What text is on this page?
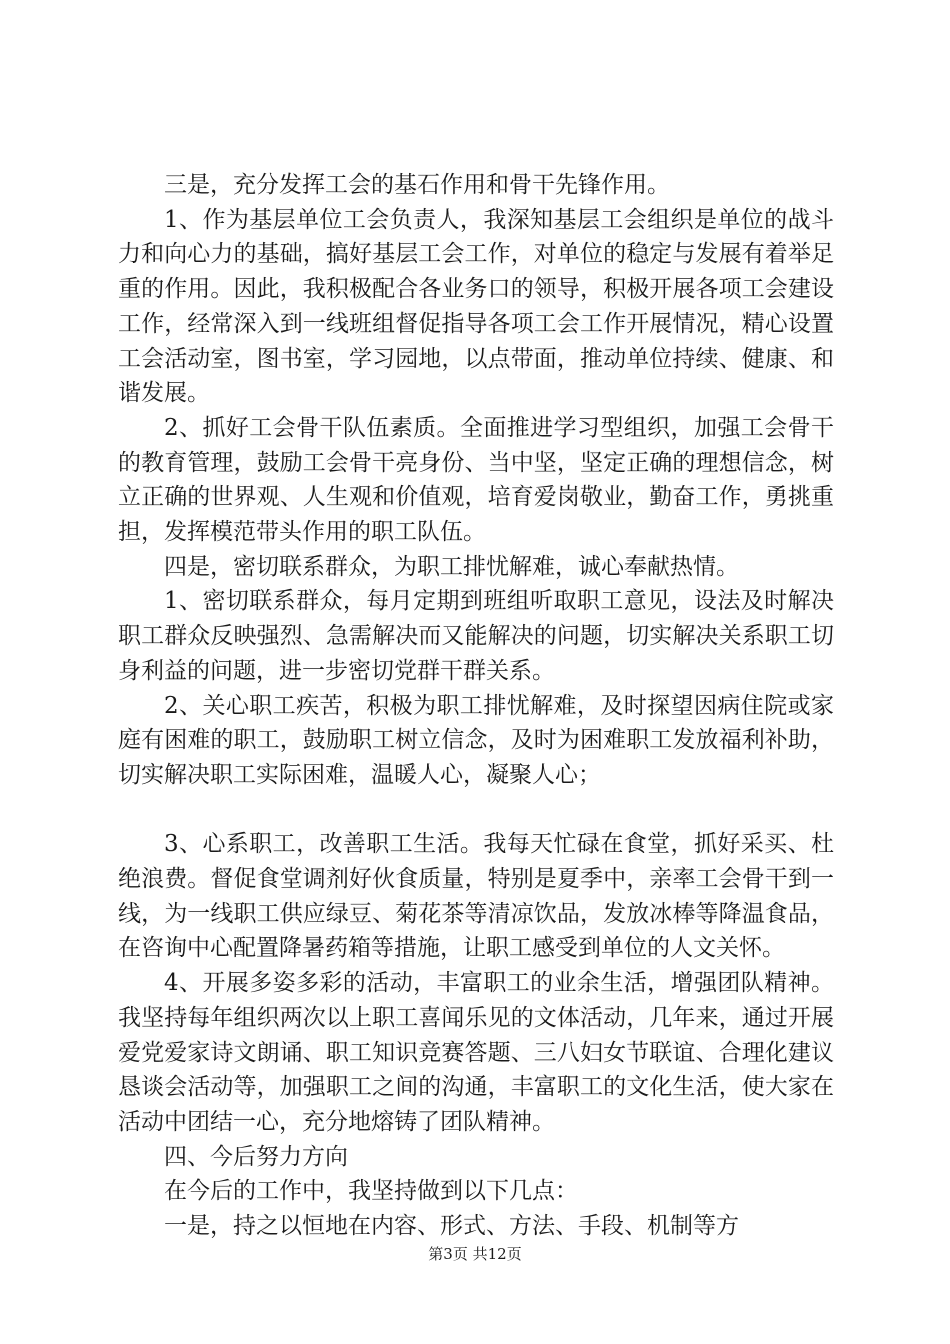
三是，充分发挥工会的基石作用和骨干先锋作用。

1、作为基层单位工会负责人，我深知基层工会组织是单位的战斗力和向心力的基础，搞好基层工会工作，对单位的稳定与发展有着举足重的作用。因此，我积极配合各业务口的领导，积极开展各项工会建设工作，经常深入到一线班组督促指导各项工会工作开展情况，精心设置工会活动室，图书室，学习园地，以点带面，推动单位持续、健康、和谐发展。

2、抓好工会骨干队伍素质。全面推进学习型组织，加强工会骨干的教育管理，鼓励工会骨干亮身份、当中坚，坚定正确的理想信念，树立正确的世界观、人生观和价值观，培育爱岗敬业，勤奋工作，勇挑重担，发挥模范带头作用的职工队伍。

四是，密切联系群众，为职工排忧解难，诚心奉献热情。

1、密切联系群众，每月定期到班组听取职工意见，设法及时解决职工群众反映强烈、急需解决而又能解决的问题，切实解决关系职工切身利益的问题，进一步密切党群干群关系。

2、关心职工疾苦，积极为职工排忧解难，及时探望因病住院或家庭有困难的职工，鼓励职工树立信念，及时为困难职工发放福利补助，切实解决职工实际困难，温暖人心，凝聚人心；

3、心系职工，改善职工生活。我每天忙碌在食堂，抓好采买、杜绝浪费。督促食堂调剂好伙食质量，特别是夏季中，亲率工会骨干到一线，为一线职工供应绿豆、菊花茶等清凉饮品，发放冰棒等降温食品，在咨询中心配置降暑药箱等措施，让职工感受到单位的人文关怀。

4、开展多姿多彩的活动，丰富职工的业余生活，增强团队精神。我坚持每年组织两次以上职工喜闻乐见的文体活动，几年来，通过开展爱党爱家诗文朗诵、职工知识竞赛答题、三八妇女节联谊、合理化建议恳谈会活动等，加强职工之间的沟通，丰富职工的文化生活，使大家在活动中团结一心，充分地熔铸了团队精神。

四、今后努力方向

在今后的工作中，我坚持做到以下几点：

一是，持之以恒地在内容、形式、方法、手段、机制等方

第3页 共12页
